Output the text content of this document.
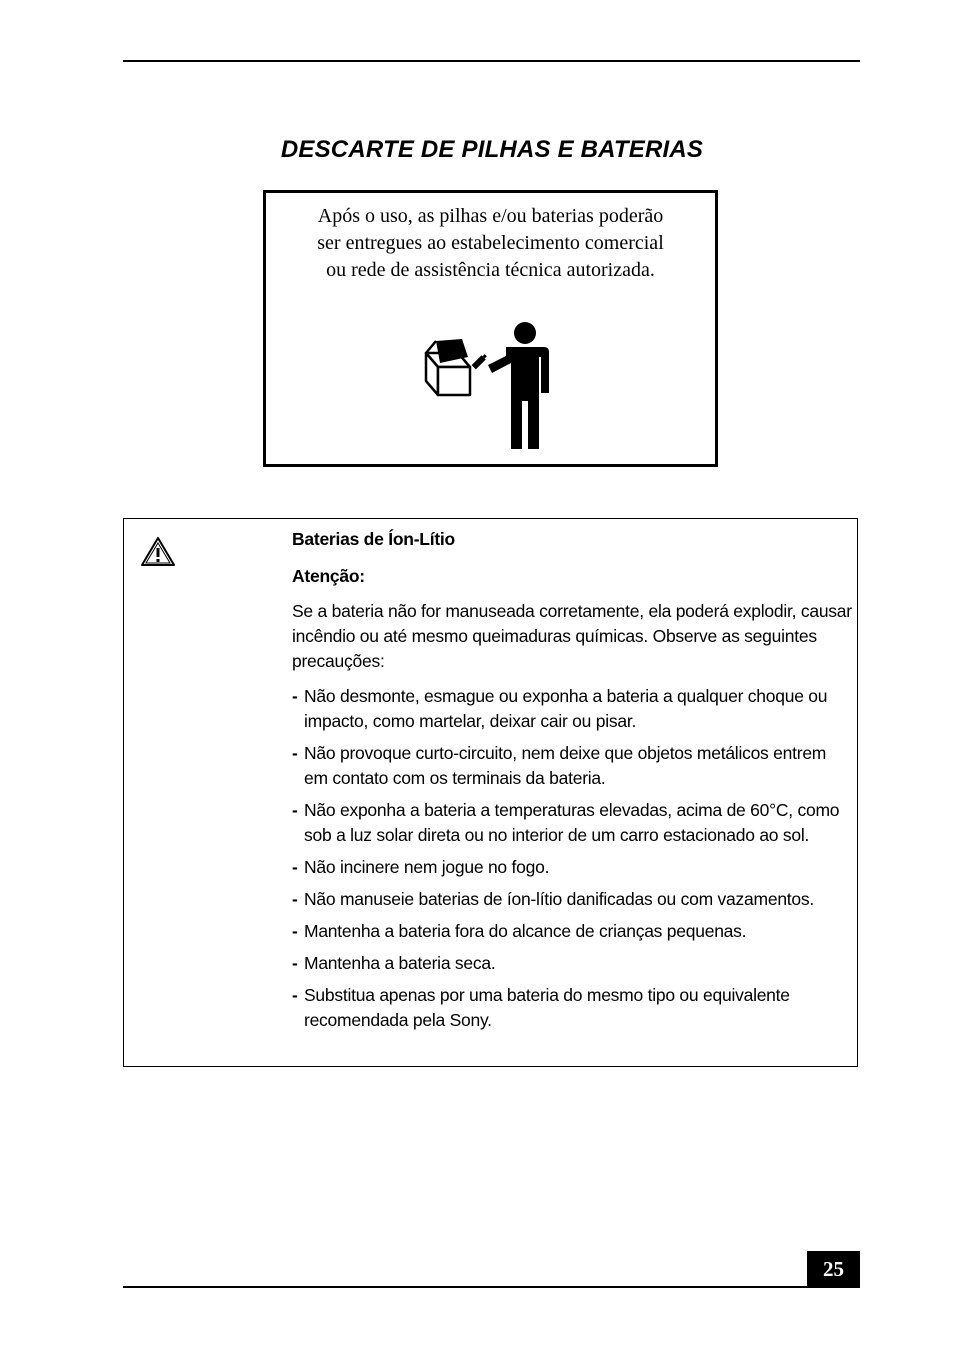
DESCARTE DE PILHAS E BATERIAS
Após o uso, as pilhas e/ou baterias poderão
ser entregues ao estabelecimento comercial
ou rede de assistência técnica autorizada.
Baterias de Íon-Lítio
Atenção:
Se a bateria não for manuseada corretamente, ela poderá explodir, causar incêndio ou até mesmo queimaduras químicas. Observe as seguintes precauções:
- Não desmonte, esmague ou exponha a bateria a qualquer choque ou impacto, como martelar, deixar cair ou pisar.
- Não provoque curto-circuito, nem deixe que objetos metálicos entrem em contato com os terminais da bateria.
- Não exponha a bateria a temperaturas elevadas, acima de 60°C, como sob a luz solar direta ou no interior de um carro estacionado ao sol.
- Não incinere nem jogue no fogo.
- Não manuseie baterias de íon-lítio danificadas ou com vazamentos.
- Mantenha a bateria fora do alcance de crianças pequenas.
- Mantenha a bateria seca.
- Substitua apenas por uma bateria do mesmo tipo ou equivalente recomendada pela Sony.
25
